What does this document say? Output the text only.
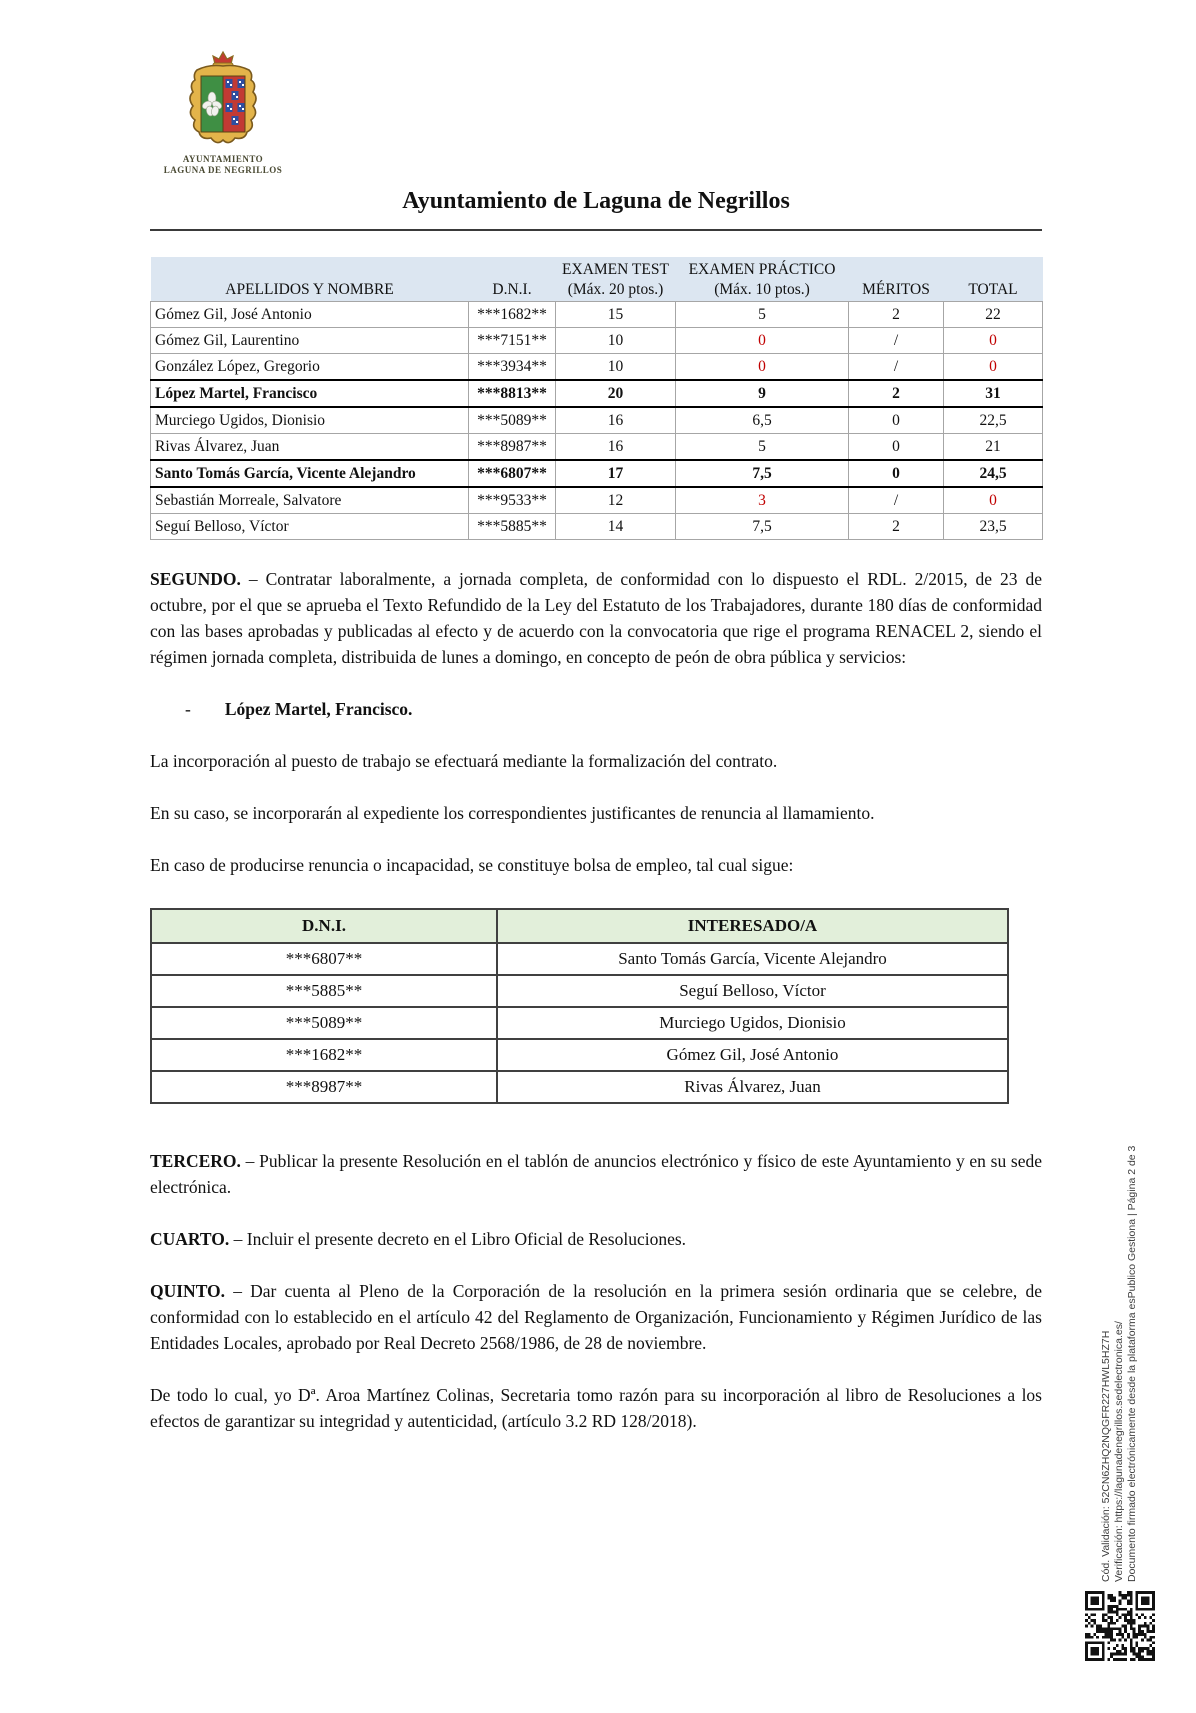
AYUNTAMIENTO
LAGUNA DE NEGRILLOS
Ayuntamiento de Laguna de Negrillos
		EXAMEN TEST	EXAMEN PRÁCTICO		
APELLIDOS Y NOMBRE	D.N.I.	(Máx. 20 ptos.)	(Máx. 10 ptos.)	MÉRITOS	TOTAL
Gómez Gil, José Antonio	***1682**	15	5	2	22
Gómez Gil, Laurentino	***7151**	10	0	/	0
González López, Gregorio	***3934**	10	0	/	0
López Martel, Francisco	***8813**	20	9	2	31
Murciego Ugidos, Dionisio	***5089**	16	6,5	0	22,5
Rivas Álvarez, Juan	***8987**	16	5	0	21
Santo Tomás García, Vicente Alejandro	***6807**	17	7,5	0	24,5
Sebastián Morreale, Salvatore	***9533**	12	3	/	0
Seguí Belloso, Víctor	***5885**	14	7,5	2	23,5

SEGUNDO. – Contratar laboralmente, a jornada completa, de conformidad con lo dispuesto el RDL. 2/2015, de 23 de octubre, por el que se aprueba el Texto Refundido de la Ley del Estatuto de los Trabajadores, durante 180 días de conformidad con las bases aprobadas y publicadas al efecto y de acuerdo con la convocatoria que rige el programa RENACEL 2, siendo el régimen jornada completa, distribuida de lunes a domingo, en concepto de peón de obra pública y servicios:

- López Martel, Francisco.

La incorporación al puesto de trabajo se efectuará mediante la formalización del contrato.

En su caso, se incorporarán al expediente los correspondientes justificantes de renuncia al llamamiento.

En caso de producirse renuncia o incapacidad, se constituye bolsa de empleo, tal cual sigue:

D.N.I.	INTERESADO/A
***6807**	Santo Tomás García, Vicente Alejandro
***5885**	Seguí Belloso, Víctor
***5089**	Murciego Ugidos, Dionisio
***1682**	Gómez Gil, José Antonio
***8987**	Rivas Álvarez, Juan

TERCERO. – Publicar la presente Resolución en el tablón de anuncios electrónico y físico de este Ayuntamiento y en su sede electrónica.

CUARTO. – Incluir el presente decreto en el Libro Oficial de Resoluciones.

QUINTO. – Dar cuenta al Pleno de la Corporación de la resolución en la primera sesión ordinaria que se celebre, de conformidad con lo establecido en el artículo 42 del Reglamento de Organización, Funcionamiento y Régimen Jurídico de las Entidades Locales, aprobado por Real Decreto 2568/1986, de 28 de noviembre.

De todo lo cual, yo Dª. Aroa Martínez Colinas, Secretaria tomo razón para su incorporación al libro de Resoluciones a los efectos de garantizar su integridad y autenticidad, (artículo 3.2 RD 128/2018).	Cód. Validación: 52CN6ZHQ2NQGFR227HWL5HZ7H Verificación: https://lagunadenegrillos.sedelectronica.es/ Documento firmado electrónicamente desde la plataforma esPublico Gestiona | Página 2 de 3
